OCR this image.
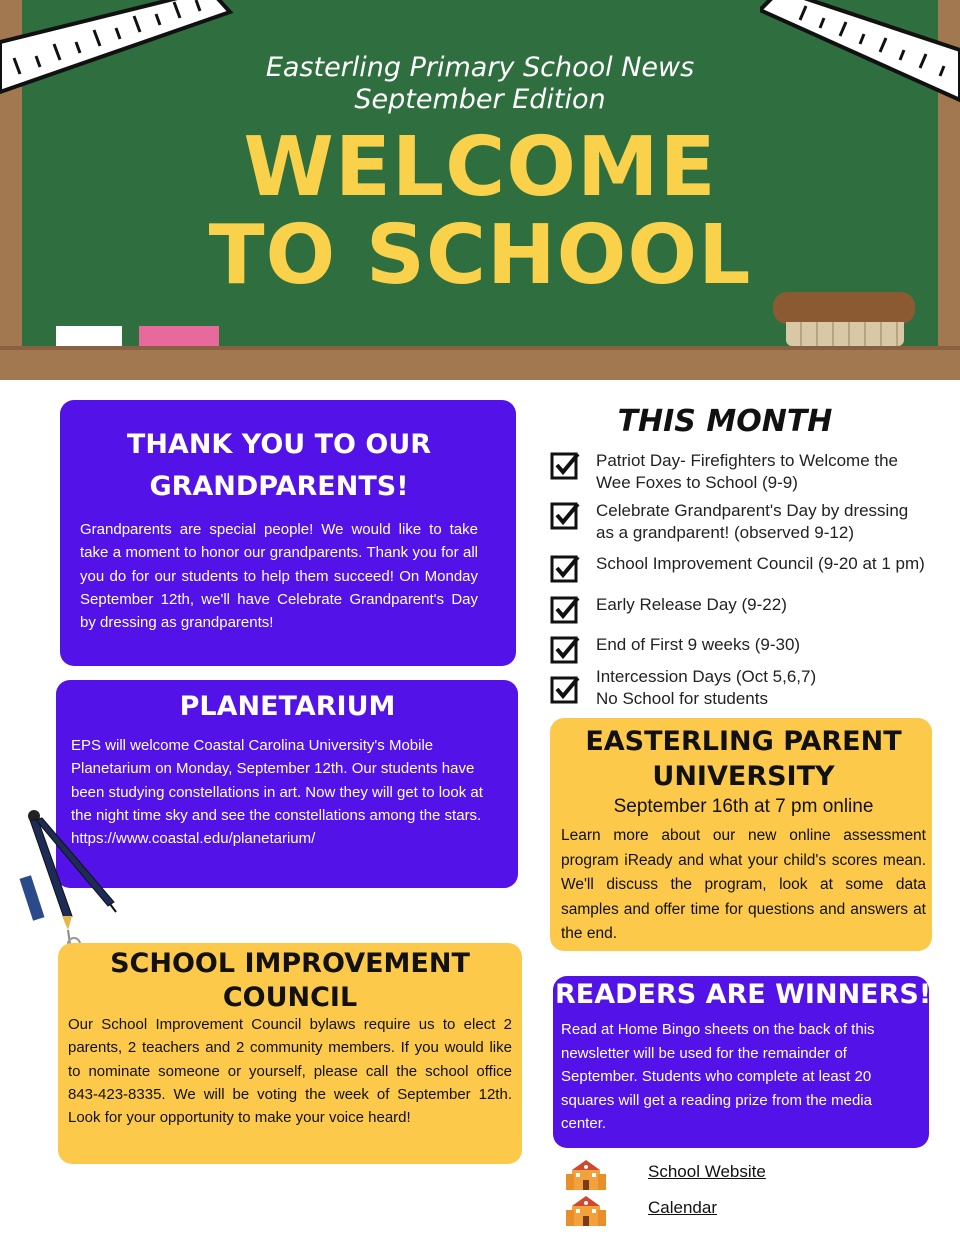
Easterling Primary School News
September Edition
WELCOME
TO SCHOOL
THANK YOU TO OUR
GRANDPARENTS!

Grandparents are special people! We would like to take take a moment to honor our grandparents. Thank you for all you do for our students to help them succeed! On Monday September 12th, we'll have Celebrate Grandparent's Day by dressing as grandparents!

PLANETARIUM

EPS will welcome Coastal Carolina University's Mobile Planetarium on Monday, September 12th. Our students have been studying constellations in art. Now they will get to look at the night time sky and see the constellations among the stars. https://www.coastal.edu/planetarium/

SCHOOL IMPROVEMENT
COUNCIL

Our School Improvement Council bylaws require us to elect 2 parents, 2 teachers and 2 community members. If you would like to nominate someone or yourself, please call the school office 843-423-8335. We will be voting the week of September 12th. Look for your opportunity to make your voice heard!

THIS MONTH
Patriot Day- Firefighters to Welcome the
Wee Foxes to School (9-9)
Celebrate Grandparent's Day by dressing
as a grandparent! (observed 9-12)
School Improvement Council (9-20 at 1 pm)
Early Release Day (9-22)
End of First 9 weeks (9-30)
Intercession Days (Oct 5,6,7)
No School for students
EASTERLING PARENT
UNIVERSITY
September 16th at 7 pm online

Learn more about our new online assessment program iReady and what your child's scores mean. We'll discuss the program, look at some data samples and offer time for questions and answers at the end.

READERS ARE WINNERS!

Read at Home Bingo sheets on the back of this newsletter will be used for the remainder of September. Students who complete at least 20 squares will get a reading prize from the media center.

School Website
Calendar
